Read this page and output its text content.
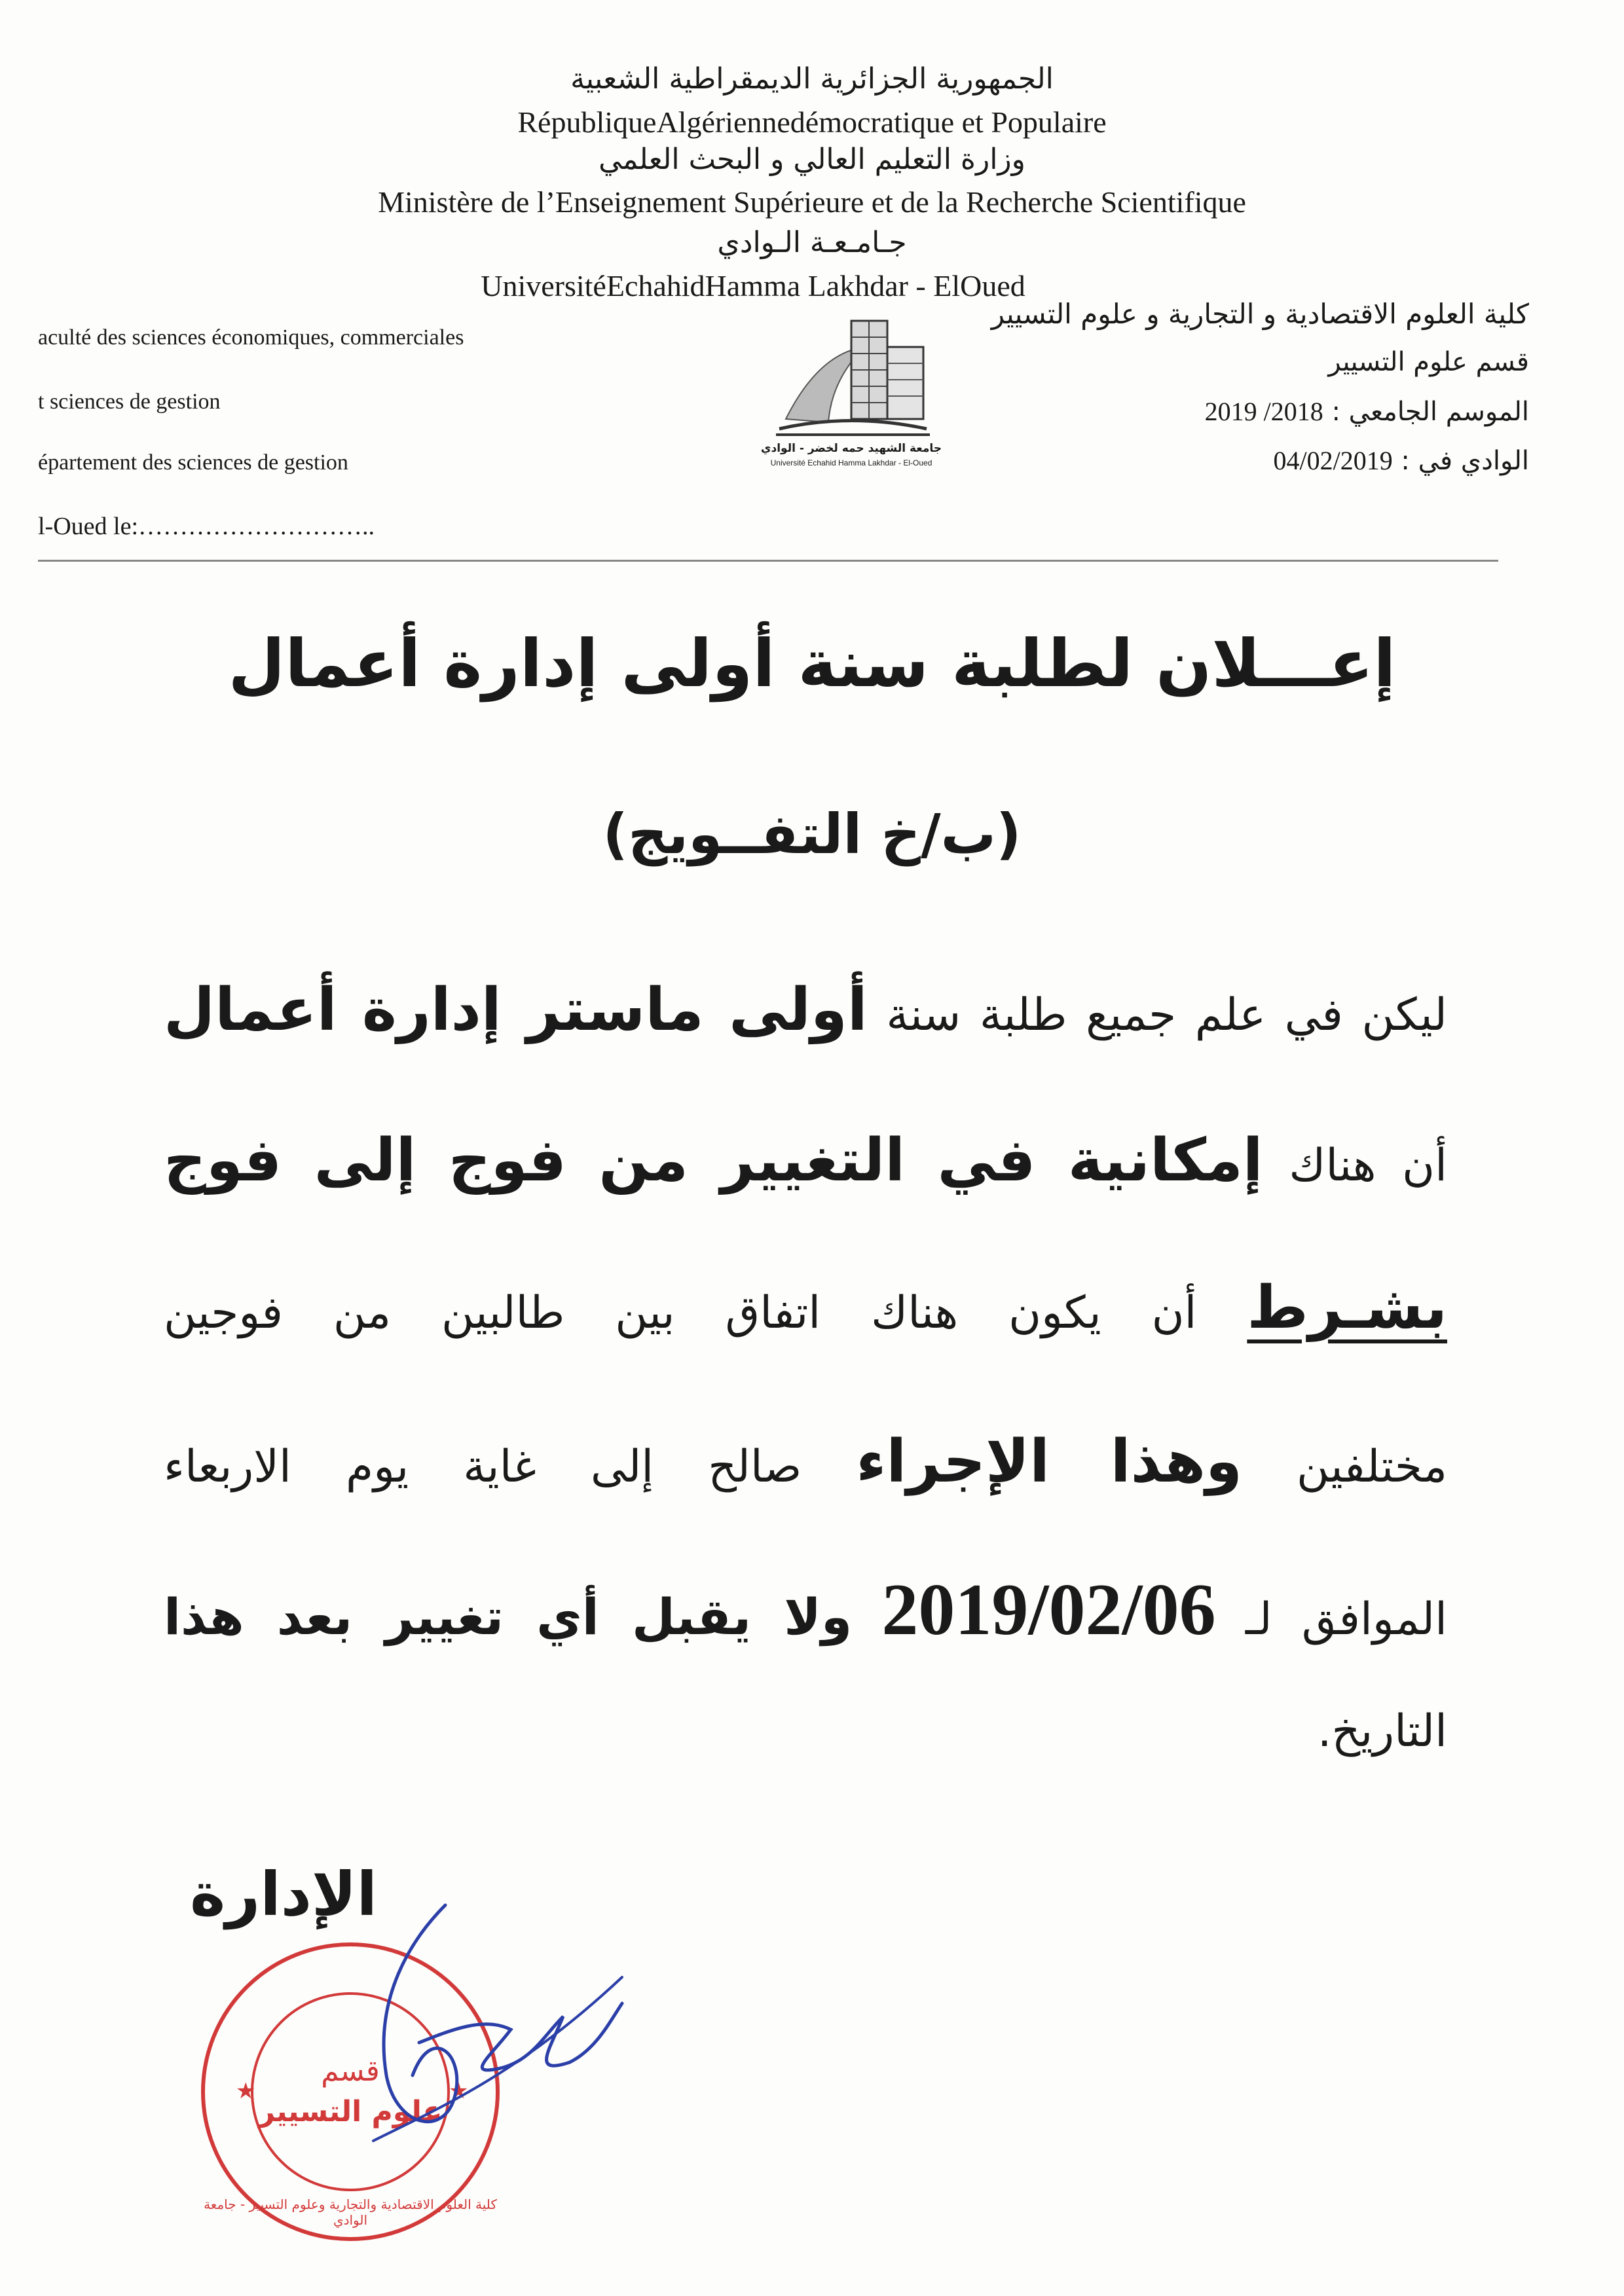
الجمهورية الجزائرية الديمقراطية الشعبية
RépubliqueAlgériennedémocratique et Populaire
وزارة التعليم العالي و البحث العلمي
Ministère de l’Enseignement Supérieure et de la Recherche Scientifique
جـامـعـة الـوادي
UniversitéEchahidHamma Lakhdar - ElOued
aculté des sciences économiques, commerciales
t sciences de gestion
épartement des sciences de gestion
l-Oued le:………………………..
كلية العلوم الاقتصادية و التجارية و علوم التسيير
قسم علوم التسيير
الموسم الجامعي : 2018/ 2019
الوادي في : 04/02/2019
جامعة الشهيد حمه لخضر - الوادي
Université Echahid Hamma Lakhdar - El-Oued
إعـــلان لطلبة سنة أولى إدارة أعمال
(ب/خ التفــويج)
ليكن في علم جميع طلبة سنة أولى ماستر إدارة أعمال
أن هناك إمكانية في التغيير من فوج إلى فوج
بشـرط أن يكون هناك اتفاق بين طالبين من فوجين
مختلفين وهذا الإجراء صالح إلى غاية يوم الاربعاء
الموافق لـ 2019/02/06 ولا يقبل أي تغيير بعد هذا
التاريخ.
الإدارة
★	★
قسم
علوم التسيير
كلية العلوم الاقتصادية والتجارية وعلوم التسيير - جامعة الوادي
